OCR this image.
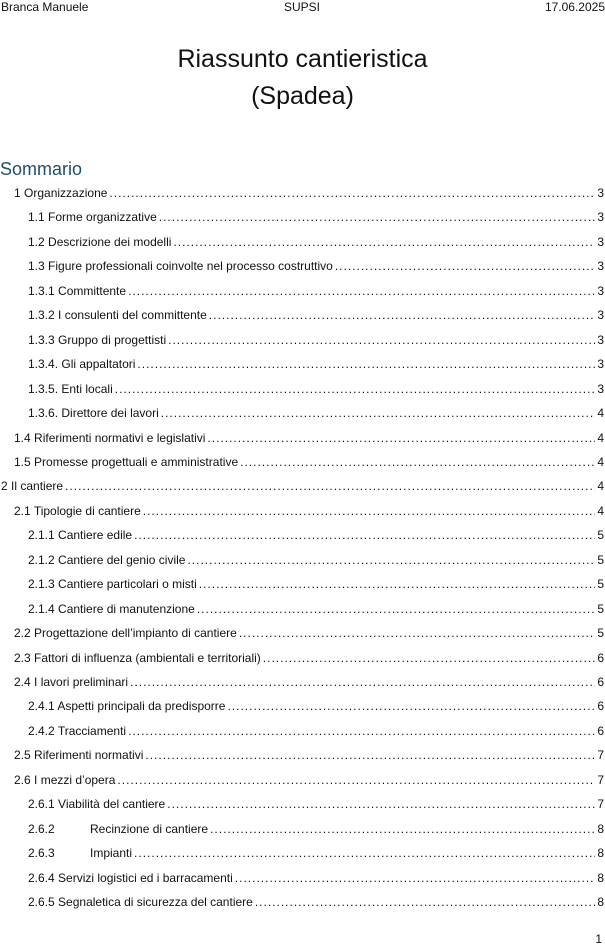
Branca Manuele	SUPSI	17.06.2025
Riassunto cantieristica
(Spadea)
Sommario
1 Organizzazione .....	3
1.1 Forme organizzative .....	3
1.2 Descrizione dei modelli .....	3
1.3 Figure professionali coinvolte nel processo costruttivo .....	3
1.3.1 Committente .....	3
1.3.2 I consulenti del committente .....	3
1.3.3 Gruppo di progettisti .....	3
1.3.4. Gli appaltatori .....	3
1.3.5. Enti locali .....	3
1.3.6. Direttore dei lavori .....	4
1.4 Riferimenti normativi e legislativi .....	4
1.5 Promesse progettuali e amministrative .....	4
2 Il cantiere .....	4
2.1 Tipologie di cantiere .....	4
2.1.1 Cantiere edile .....	5
2.1.2 Cantiere del genio civile .....	5
2.1.3 Cantiere particolari o misti .....	5
2.1.4 Cantiere di manutenzione .....	5
2.2 Progettazione dell’impianto di cantiere .....	5
2.3 Fattori di influenza (ambientali e territoriali) .....	6
2.4 I lavori preliminari .....	6
2.4.1 Aspetti principali da predisporre .....	6
2.4.2 Tracciamenti .....	6
2.5 Riferimenti normativi .....	7
2.6 I mezzi d’opera .....	7
2.6.1 Viabilità del cantiere .....	7
2.6.2	Recinzione di cantiere .....	8
2.6.3	Impianti .....	8
2.6.4 Servizi logistici ed i barracamenti .....	8
2.6.5 Segnaletica di sicurezza del cantiere .....	8
1
